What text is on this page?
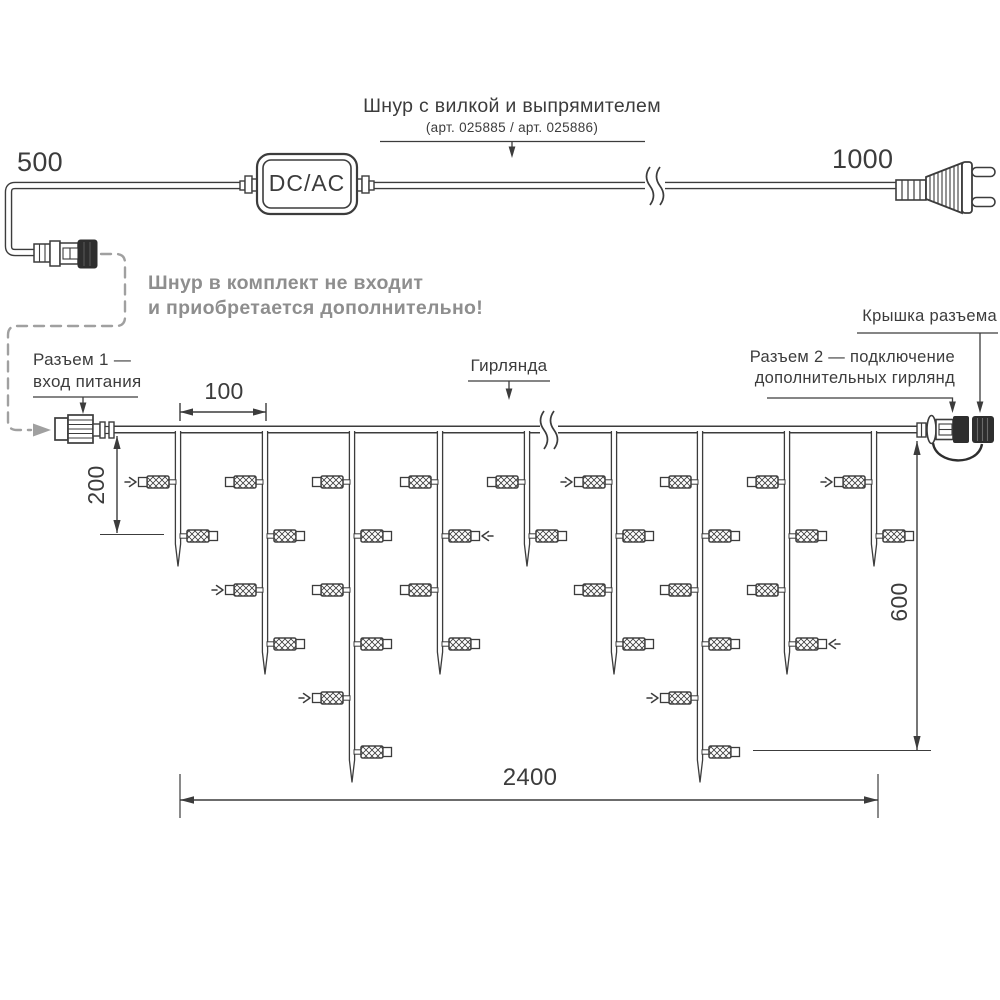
500	1000
Шнур с вилкой и выпрямителем
(арт. 025885 / арт. 025886)
DC/AC
Шнур в комплект не входит
и приобретается дополнительно!
Разъем 1 —
вход питания
Гирлянда	Разъем 2 — подключение
дополнительных гирлянд
Крышка разъема
100
200
600
2400
